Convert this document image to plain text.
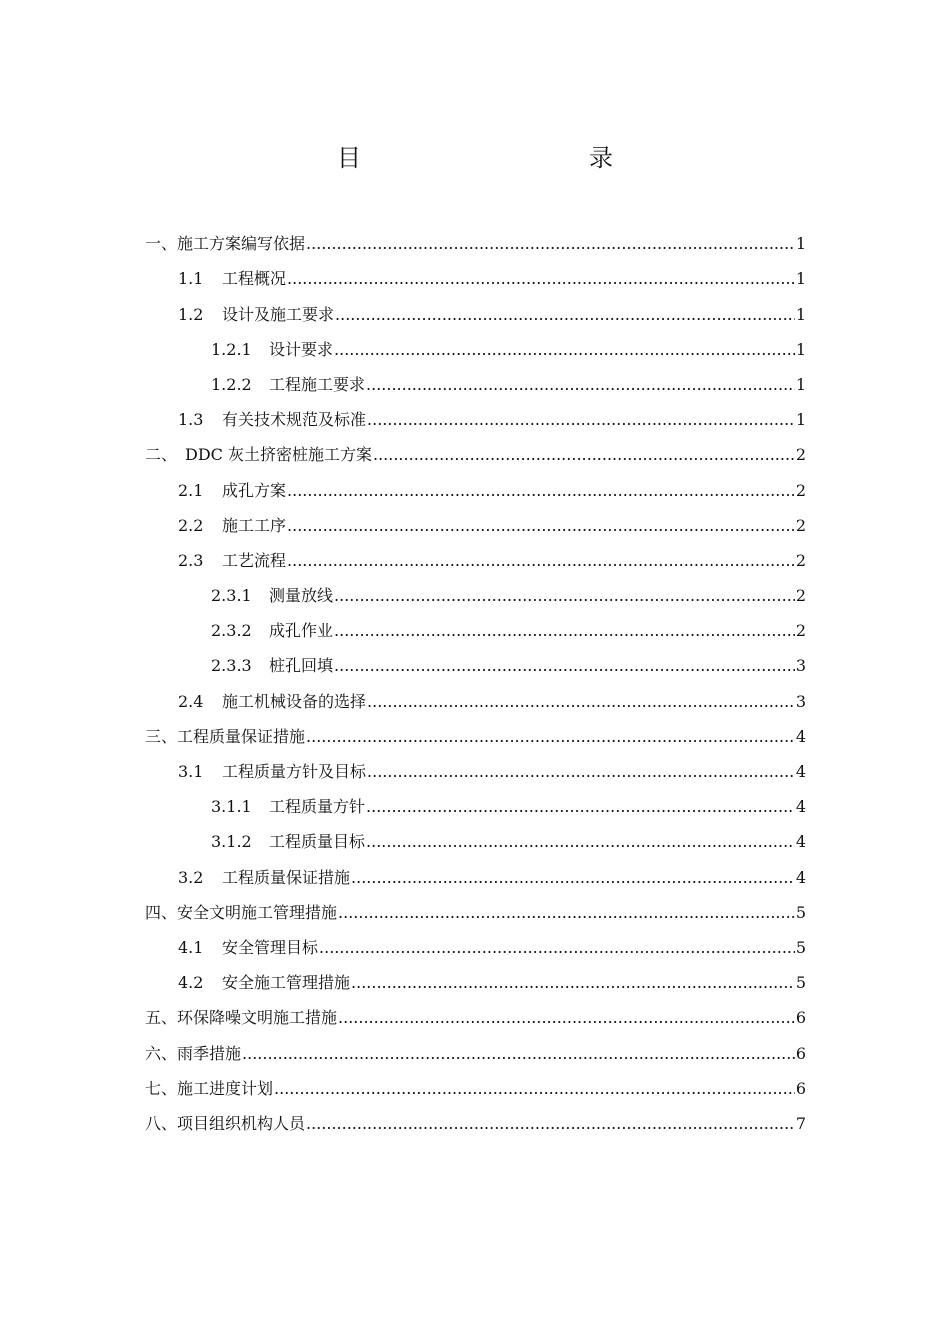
目　　录
一、施工方案编写依据 .....	1
1.1	工程概况 .....	1
1.2	设计及施工要求 .....	1
1.2.1	设计要求 .....	1
1.2.2	工程施工要求 .....	1
1.3	有关技术规范及标准 .....	1
二、　DDC 灰土挤密桩施工方案 .....	2
2.1	成孔方案 .....	2
2.2	施工工序 .....	2
2.3	工艺流程 .....	2
2.3.1	测量放线 .....	2
2.3.2	成孔作业 .....	2
2.3.3	桩孔回填 .....	3
2.4	施工机械设备的选择 .....	3
三、工程质量保证措施 .....	4
3.1	工程质量方针及目标 .....	4
3.1.1	工程质量方针 .....	4
3.1.2	工程质量目标 .....	4
3.2	工程质量保证措施 .....	4
四、安全文明施工管理措施 .....	5
4.1	安全管理目标 .....	5
4.2	安全施工管理措施 .....	5
五、环保降噪文明施工措施 .....	6
六、雨季措施 .....	6
七、施工进度计划 .....	6
八、项目组织机构人员 .....	7
